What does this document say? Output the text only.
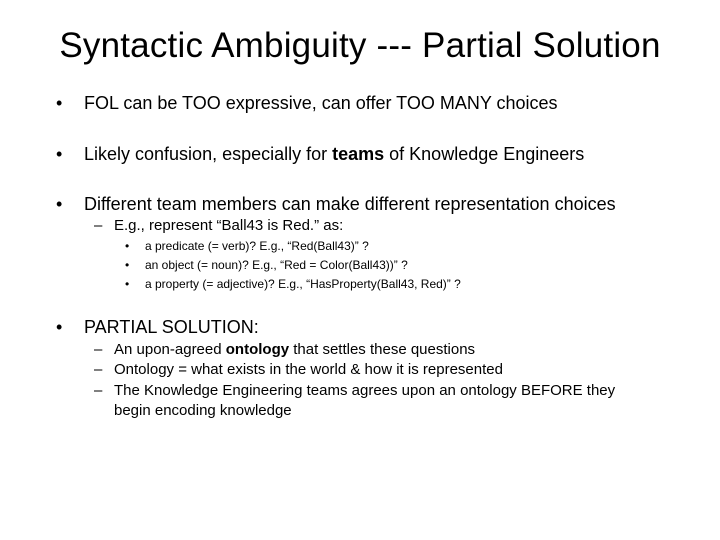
Syntactic Ambiguity --- Partial Solution
• FOL can be TOO expressive, can offer TOO MANY choices
• Likely confusion, especially for teams of Knowledge Engineers
• Different team members can make different representation choices
– E.g., represent “Ball43 is Red.” as:
• a predicate (= verb)? E.g., “Red(Ball43)” ?
• an object (= noun)? E.g., “Red = Color(Ball43))” ?
• a property (= adjective)? E.g., “HasProperty(Ball43, Red)” ?
• PARTIAL SOLUTION:
– An upon-agreed ontology that settles these questions
– Ontology = what exists in the world & how it is represented
– The Knowledge Engineering teams agrees upon an ontology BEFORE they begin encoding knowledge
